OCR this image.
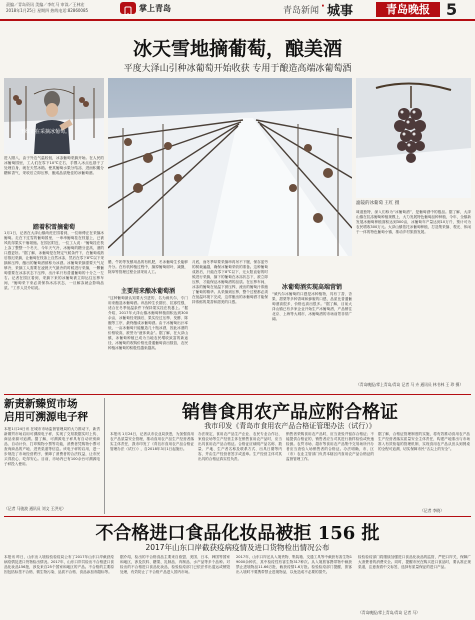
责编／青岛资讯 美编／李红马 审读／王林宏
2018年1月25日 星期四 热线电话:82860085	掌上青岛	青岛新闻 · 城事	青岛晚报	5
冰天雪地摘葡萄，酿美酒
平度大泽山引种冰葡萄开始收获 专用于酿造高端冰葡萄酒
王红正在采摘冰葡萄。
进入腊八，由于外边气温较低，冰冻葡萄采摘开始。在人民的冰葡萄园里，工人们在零下10℃左右，手摸入冰点也基于了处理自身，就在天然冰箱。使其葡萄水果分结冻、进而积累分糖和香气，采收后立即压榨，酿成品质绝佳的冰葡萄酒。
踏着积雪摘葡萄
1月1日，记者在大泽山镇尚虎庄园看到，一位师傅正在采摘冰葡萄。走在下过雪的葡萄园里，一串串葡萄挂在枝蔓上，已被风吹得果实干瘪皱缩。在园区附近，一位工人说：“葡萄挂在枝上冻了整整一个冬天，今年天气冷，冰葡萄的糖分更高，酒的口感更好。”据了解，冰葡萄是在特定气候条件下，在葡萄成熟后推迟采摘，让葡萄在枝条上自然冰冻，然后在零下8℃以下采摘和压榨，酿出的葡萄酒被称为冰酒。冰葡萄采摘需要天气足够冷，采摘工人需要在凌晨天气最冷的时候进行采摘，一颗葡萄需要在冰冻状态下压榨，出汁率只有普通葡萄的十分之一左右。记者在园区看到，采摘下来的冰葡萄被立即运往压榨车间，“葡萄采下来必须保持冰冻状态，一旦解冻就会影响品质。”工作人员介绍说。
滤镜的冰葡萄 王红 摄
味道独特，深入们称为“冰葡萄酒”，是葡萄酒中的极品。据了解，大泽山镇在抗冻葡萄种植规模上，大力发展特色葡萄品种种植，今年，全镇新发展冰葡萄种植面积达到300亩，冰葡萄年产量达到10万斤，预计可为农民增收300万元。大泽山镇依托冰葡萄种植，打造集采摘、观光、休闲于一体的特色葡萄小镇，推动乡村旅游发展。
醋，牛奶等发酵用品的有机肥，冬冰葡萄生长能够升分。在有机种植过程中，摘掉葡萄树叶，减摄，除草等管理过程全部采用人工。
主要用来酿冰葡萄酒
“这种葡萄最认知要大引进的，名为威代尔，专门用来酿造冰葡萄酒。该品种生长期长、抗寒性强，适合在冬季低温条件下保持果实挂在枝蔓上。”据介绍，2017年大泽山镇冰葡萄种植面积达到300余亩，冰葡萄经采摘后，果实经过压榨、发酵、陈酿等工序，最终酿成冰葡萄酒。由于冰葡萄出汁率低，一亩冰葡萄只能酿造几十瓶冰酒，因此冰酒的价格较高，被誉为“液体黄金”。据了解，在大泽山镇，冰葡萄种植已成为当地农民增收致富的新途径，冰葡萄的收购价格比普通葡萄高出数倍，农民种植冰葡萄的积极性越来越高。
月底，而冬季却要采摘串再吊不下履，保存蓝劳的树裁遍越，确保冰葡萄采收的准备。这种葡萄成熟后，只能在零下8℃以下，无太阳直射的时候进行采摘，摘下的葡萄在冰冻状态下，被立即压榨，才能保证冰葡萄酒的品质。在压榨车间，冰冻的葡萄在低温下被压榨，流出的葡萄汁浓缩了葡萄的精华。从采摘到压榨，整个过程都必须在低温环境下完成，这样酿出的冰葡萄酒才能保持浓郁的果香和甜美的口感。
冰葡萄酒实现高端营销
“威代尔冰葡萄的口感是冰种植物，具有丁香、杏果、甜梨等多种香味和蜂蜜的口感，品质比普通葡萄酒高很多，价格也高出很多。”据了解，目前大泽山镇已有多家企业开始生产冰葡萄酒，产品销往北京、上海等大城市，冰葡萄酒的市场前景非常广阔。
（青岛晚报/掌上青岛/青岛 记者 马 卉 通讯员 林书林 王 珍 摄）
新责新臻贸市场
启用可溯源电子秤
本报1月24日讯 在城市市场监督管理局的大力推动下，新责新臻贸市场启用可溯源电子秤，实现了交易数据实时上传、商品来源可追溯。据了解，可溯源电子秤具有自动识别商品、自动计价、打印购物小票等功能，消费者凭购物小票可查询商品的产地、进货渠道等信息。该电子秤的启用，进一步规范了市场经营秩序，保障了消费者的合法权益，让市民买得放心、吃得安心。目前，市场内已有100余台可溯源电子秤投入使用。
（记者 马骏波 通讯员 刘文 王洪光）
销售食用农产品应附合格证
我市印发《青岛市食用农产品合格证管理办法（试行）》
本报讯 1月24日，记者从市农业局获悉，为加强食用农产品质量安全管理，推动食用农产品生产经营者落实主体责任，我市印发了《青岛市食用农产品合格证管理办法（试行）》，自2018年3月1日起施行。
办法规定，食用农产品生产企业、农民专业合作社、家庭农场等生产经营主体在销售食用农产品时，应当出具食用农产品合格证。合格证应载明产品名称、数量、产地、生产者名称及联系方式、出具日期等内容，并由生产经营者签字或盖章。生产经营主体对其出具的合格证真实性负责。
销售者采购食用农产品时，应当查验并留存合格证；不能提供合格证的，销售者应当对其进行抽样检验或快速检测。农贸市场、超市等食用农产品集中交易场所开办者应当查验入场销售者的合格证。办法明确，市、区（市）农业主管部门负责本辖区内食用农产品合格证的监督管理工作。
据了解，合格证管理制度的实施，将有效推动食用农产品生产经营者落实质量安全主体责任，构建产地准出与市场准入有效衔接的管理机制，实现食用农产品从田头到餐桌的全程可追溯，切实保障市民“舌尖上的安全”。
（记者 李晓）
不合格进口食品化妆品被拒 156 批
2017年山东口岸截获疫病疫情及进口货物检出情况公布
本报讯 昨日，山东出入境检验检疫局公布了2017年山东口岸截获疫病疫情及进口货物检出情况。2017年，山东口岸共检出不合格进口食品化妆品156批，涉及来自25个国家和地区的产品。不合格的主要原因包括标签不合格、微生物污染、品质不合格、食品添加剂超标等。
据介绍，检出的不合格食品主要来自欧盟、美国、日本、韩国等国家和地区，涉及饮料、糖果、乳制品、肉制品、水产品等多个品种。对检出的不合格进口食品化妆品，检验检疫部门已依法作出退运或销毁处理，有效防止了不合格产品进入国内市场。
2017年，山东口岸还从入境货物、集装箱、交通工具等中截获有害生物19000余种次，其中检疫性有害生物317种次。从入境旅客携带物中截获禁止进境物品11.66万批，截获疫情1.6万批。检验检疫部门提醒，旅客出入境时不要携带禁止进境物品，以免造成不必要的损失。
检验检疫部门将继续加强进口食品化妆品的监管，严把口岸关，保障广大消费者的消费安全。同时，提醒市民在购买进口食品时，要认准正规渠道，注意查看中文标签，选择有质量保证的进口产品。
（青岛晚报/掌上青岛/青岛 记者 马）
